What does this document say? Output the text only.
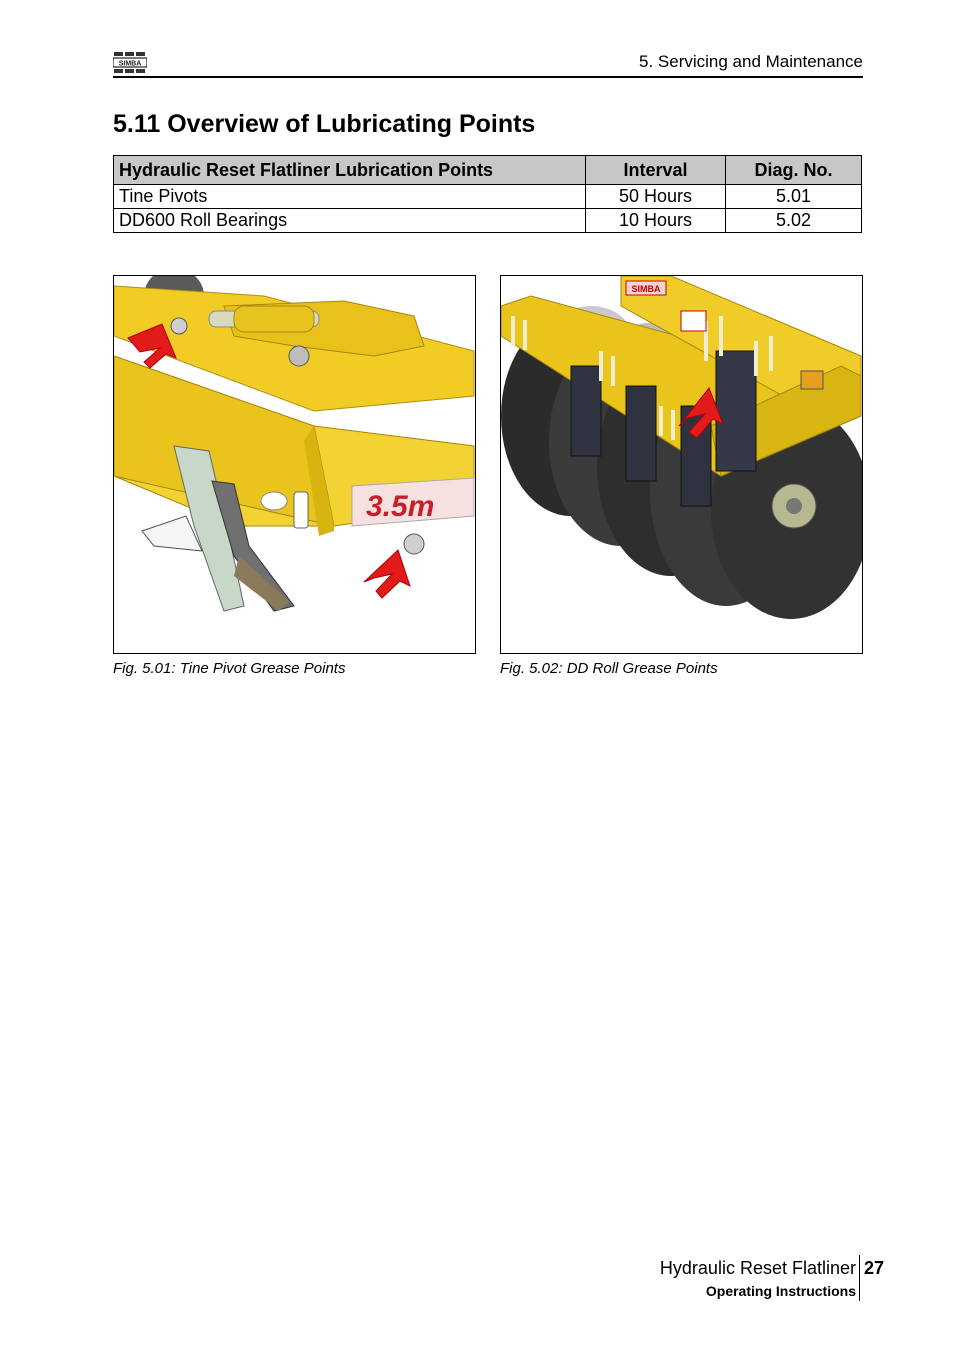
SIMBA	5. Servicing and Maintenance
5.11 Overview of Lubricating Points
Hydraulic Reset Flatliner Lubrication Points	Interval	Diag. No.
Tine Pivots	50 Hours	5.01
DD600 Roll Bearings	10 Hours	5.02
3.5m
SIMBA
Fig. 5.01: Tine Pivot Grease Points	Fig. 5.02: DD Roll Grease Points
Hydraulic Reset Flatliner
Operating Instructions
27
